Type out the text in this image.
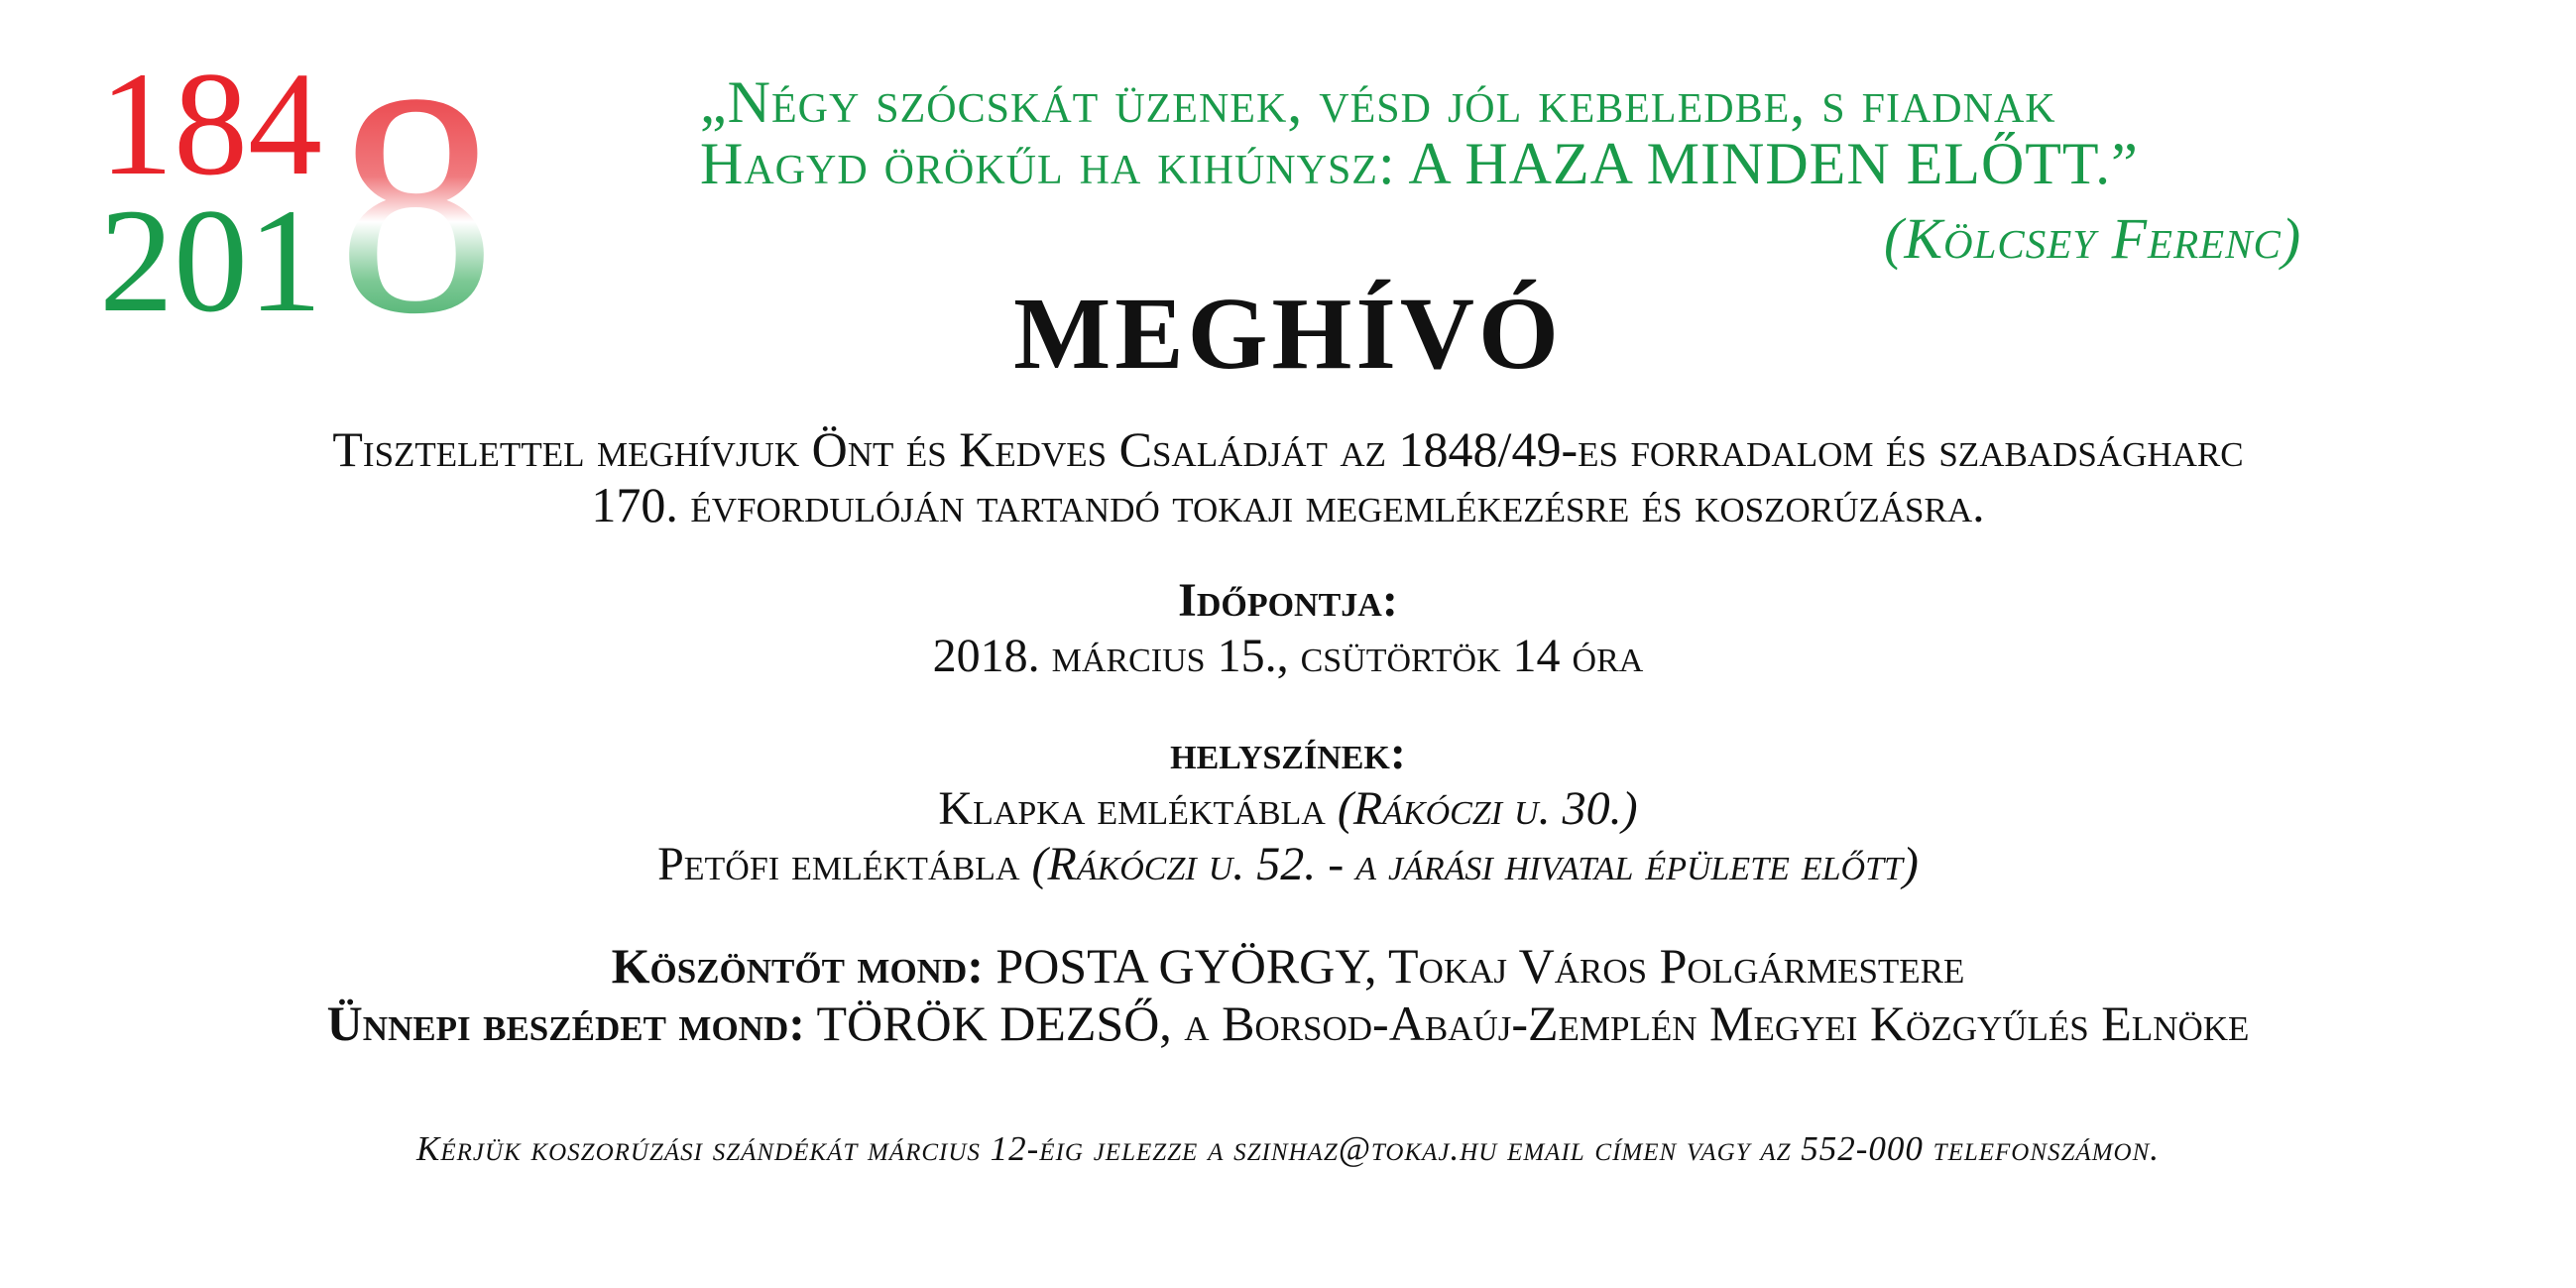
184
201 8	„Négy szócskát üzenek, vésd jól kebeledbe, s fiadnak
Hagyd örökűl ha kihúnysz: A HAZA MINDEN ELŐTT.”
(Kölcsey Ferenc)
MEGHÍVÓ
Tisztelettel meghívjuk Önt és Kedves Családját az 1848/49-es forradalom és szabadságharc
170. évfordulóján tartandó tokaji megemlékezésre és koszorúzásra.
Időpontja:
2018. március 15., csütörtök 14 óra
helyszínek:
Klapka emléktábla (Rákóczi u. 30.)
Petőfi emléktábla (Rákóczi u. 52. - a járási hivatal épülete előtt)
Köszöntőt mond: POSTA GYÖRGY, Tokaj Város Polgármestere
Ünnepi beszédet mond: TÖRÖK DEZSŐ, a Borsod-Abaúj-Zemplén Megyei Közgyűlés Elnöke
Kérjük koszorúzási szándékát március 12-éig jelezze a szinhaz@tokaj.hu email címen vagy az 552-000 telefonszámon.
